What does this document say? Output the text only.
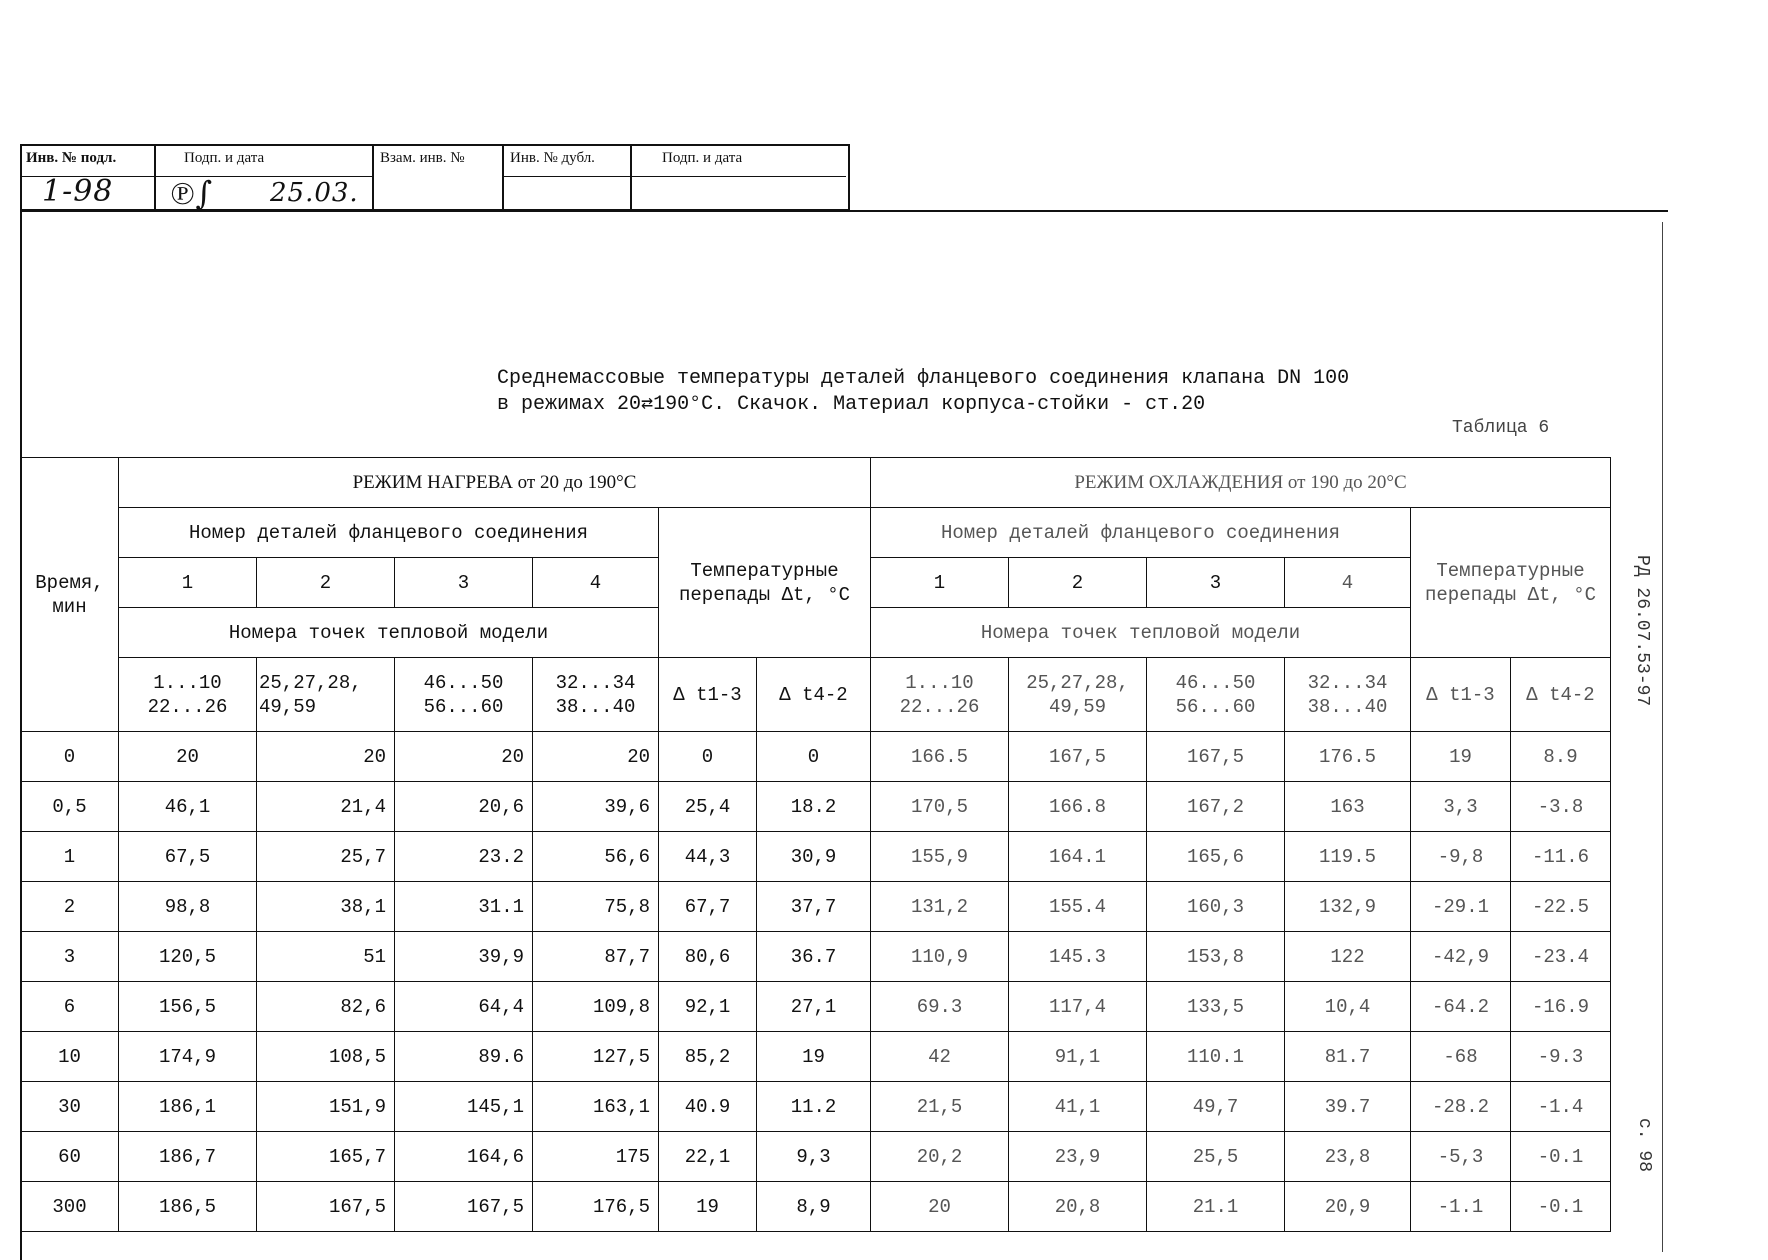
Инв. № подл.	Подп. и дата	Взам. инв. №	Инв. № дубл.	Подп. и дата
1-98 ℗∫ 25.03.
Среднемассовые температуры деталей фланцевого соединения клапана DN 100
в режимах 20⇄190°С. Скачок. Материал корпуса-стойки - ст.20
Таблица 6
РД 26.07.53-97
с. 98
Время, мин	РЕЖИМ НАГРЕВА от 20 до 190°С						РЕЖИМ ОХЛАЖДЕНИЯ от 190 до 20°С					
	Номер деталей фланцевого соединения				Температурные перепады Δt, °С		Номер деталей фланцевого соединения				Температурные перепады Δt, °С	
	1	2	3	4			1	2	3	4		
	Номера точек тепловой модели						Номера точек тепловой модели					
	1...10
22...26	25,27,28,
49,59	46...50
56...60	32...34
38...40	Δ t1-3	Δ t4-2	1...10
22...26	25,27,28,
49,59	46...50
56...60	32...34
38...40	Δ t1-3	Δ t4-2
0	20	20	20	20	0	0	166.5	167,5	167,5	176.5	19	8.9
0,5	46,1	21,4	20,6	39,6	25,4	18.2	170,5	166.8	167,2	163	3,3	-3.8
1	67,5	25,7	23.2	56,6	44,3	30,9	155,9	164.1	165,6	119.5	-9,8	-11.6
2	98,8	38,1	31.1	75,8	67,7	37,7	131,2	155.4	160,3	132,9	-29.1	-22.5
3	120,5	51	39,9	87,7	80,6	36.7	110,9	145.3	153,8	122	-42,9	-23.4
6	156,5	82,6	64,4	109,8	92,1	27,1	69.3	117,4	133,5	10,4	-64.2	-16.9
10	174,9	108,5	89.6	127,5	85,2	19	42	91,1	110.1	81.7	-68	-9.3
30	186,1	151,9	145,1	163,1	40.9	11.2	21,5	41,1	49,7	39.7	-28.2	-1.4
60	186,7	165,7	164,6	175	22,1	9,3	20,2	23,9	25,5	23,8	-5,3	-0.1
300	186,5	167,5	167,5	176,5	19	8,9	20	20,8	21.1	20,9	-1.1	-0.1
